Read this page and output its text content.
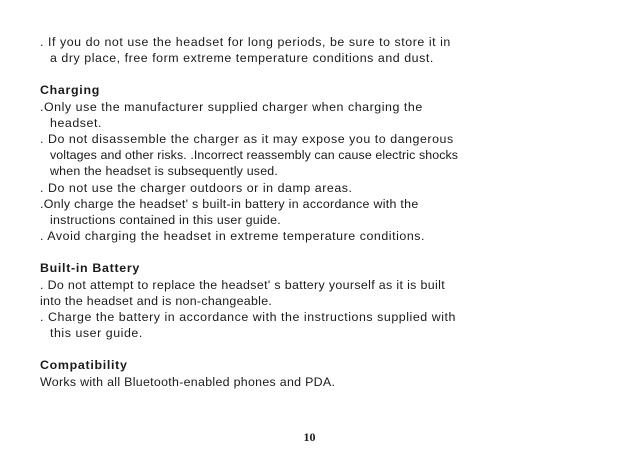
. If you do not use the headset for long periods, be sure to store it in

a dry place, free form extreme temperature conditions and dust.

Charging

.Only use the manufacturer supplied charger when charging the

headset.

. Do not disassemble the charger as it may expose you to dangerous

voltages and other risks. .Incorrect reassembly can cause electric shocks

when the headset is subsequently used.

. Do not use the charger outdoors or in damp areas.

.Only charge the headset' s built-in battery in accordance with the

instructions contained in this user guide.

. Avoid charging the headset in extreme temperature conditions.

Built-in Battery

. Do not attempt to replace the headset' s battery yourself as it is built

into the headset and is non-changeable.

. Charge the battery in accordance with the instructions supplied with

this user guide.

Compatibility

Works with all Bluetooth-enabled phones and PDA.

10
